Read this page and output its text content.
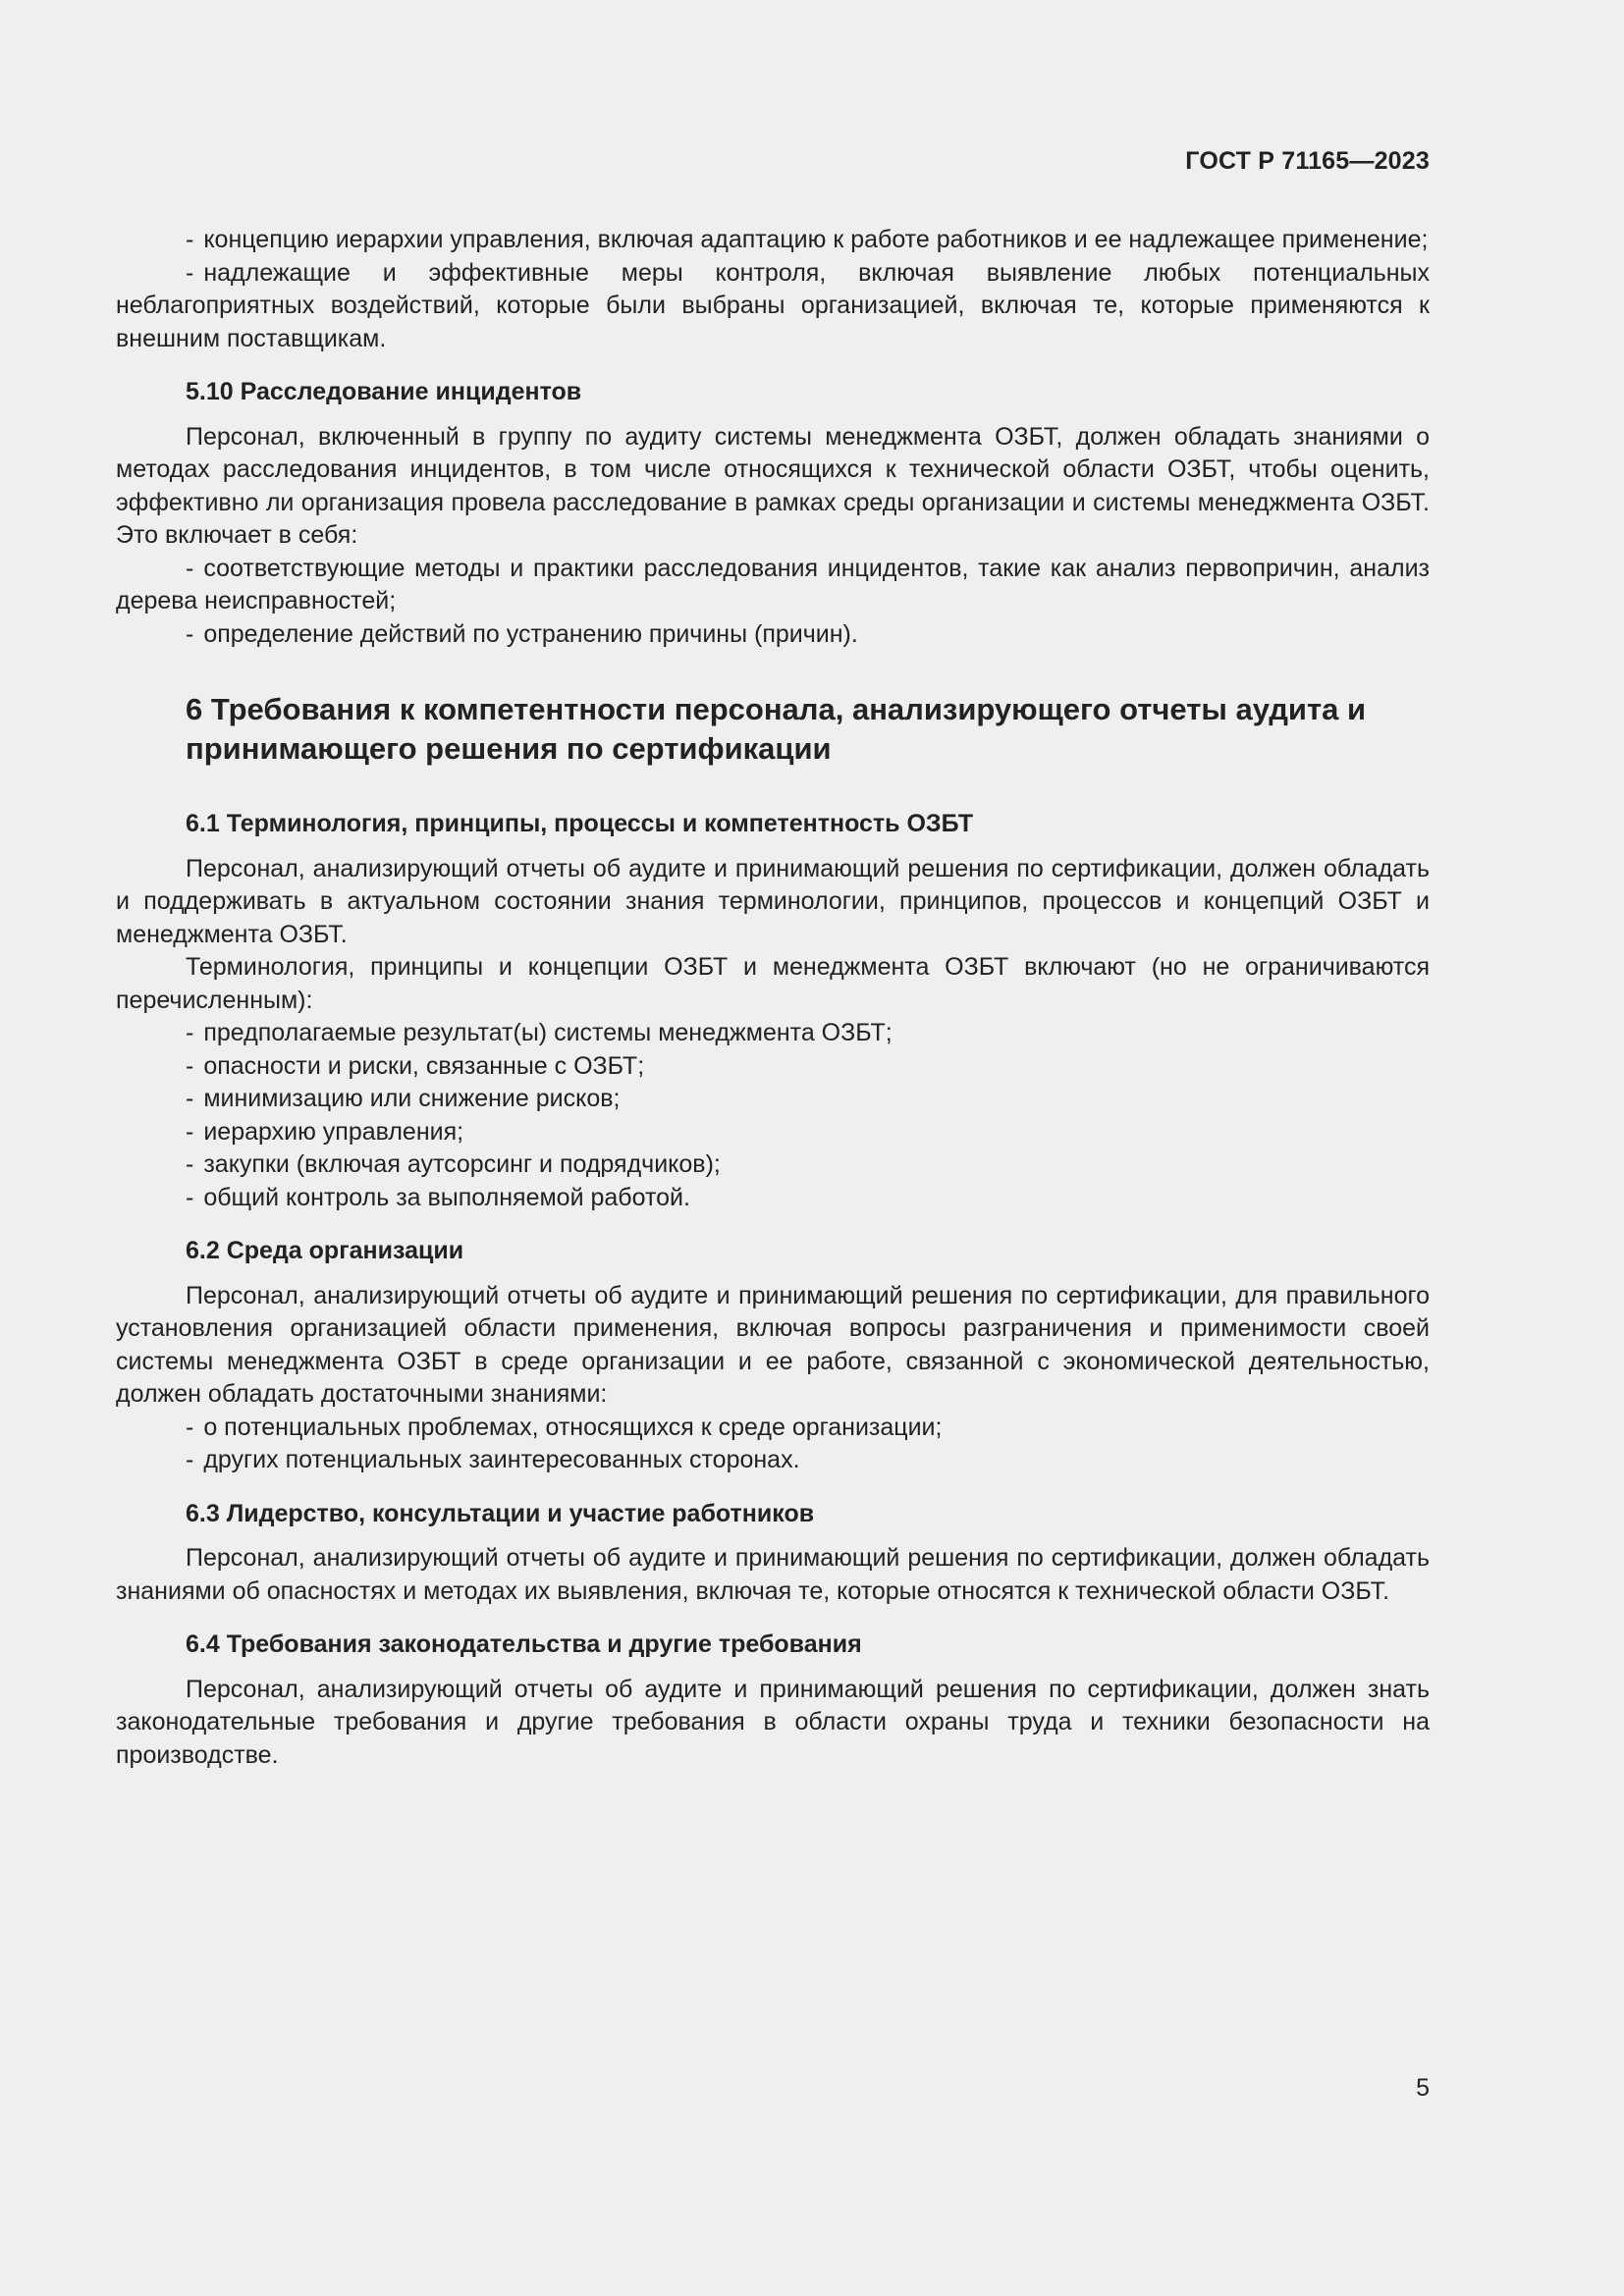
ГОСТ Р 71165—2023

- концепцию иерархии управления, включая адаптацию к работе работников и ее надлежащее применение;

- надлежащие и эффективные меры контроля, включая выявление любых потенциальных неблагоприятных воздействий, которые были выбраны организацией, включая те, которые применяются к внешним поставщикам.

5.10 Расследование инцидентов

Персонал, включенный в группу по аудиту системы менеджмента ОЗБТ, должен обладать знаниями о методах расследования инцидентов, в том числе относящихся к технической области ОЗБТ, чтобы оценить, эффективно ли организация провела расследование в рамках среды организации и системы менеджмента ОЗБТ. Это включает в себя:

- соответствующие методы и практики расследования инцидентов, такие как анализ первопричин, анализ дерева неисправностей;

- определение действий по устранению причины (причин).

6 Требования к компетентности персонала, анализирующего отчеты аудита и принимающего решения по сертификации
6.1 Терминология, принципы, процессы и компетентность ОЗБТ

Персонал, анализирующий отчеты об аудите и принимающий решения по сертификации, должен обладать и поддерживать в актуальном состоянии знания терминологии, принципов, процессов и концепций ОЗБТ и менеджмента ОЗБТ.

Терминология, принципы и концепции ОЗБТ и менеджмента ОЗБТ включают (но не ограничиваются перечисленным):

- предполагаемые результат(ы) системы менеджмента ОЗБТ;

- опасности и риски, связанные с ОЗБТ;

- минимизацию или снижение рисков;

- иерархию управления;

- закупки (включая аутсорсинг и подрядчиков);

- общий контроль за выполняемой работой.

6.2 Среда организации

Персонал, анализирующий отчеты об аудите и принимающий решения по сертификации, для правильного установления организацией области применения, включая вопросы разграничения и применимости своей системы менеджмента ОЗБТ в среде организации и ее работе, связанной с экономической деятельностью, должен обладать достаточными знаниями:

- о потенциальных проблемах, относящихся к среде организации;

- других потенциальных заинтересованных сторонах.

6.3 Лидерство, консультации и участие работников

Персонал, анализирующий отчеты об аудите и принимающий решения по сертификации, должен обладать знаниями об опасностях и методах их выявления, включая те, которые относятся к технической области ОЗБТ.

6.4 Требования законодательства и другие требования

Персонал, анализирующий отчеты об аудите и принимающий решения по сертификации, должен знать законодательные требования и другие требования в области охраны труда и техники безопасности на производстве.

5
